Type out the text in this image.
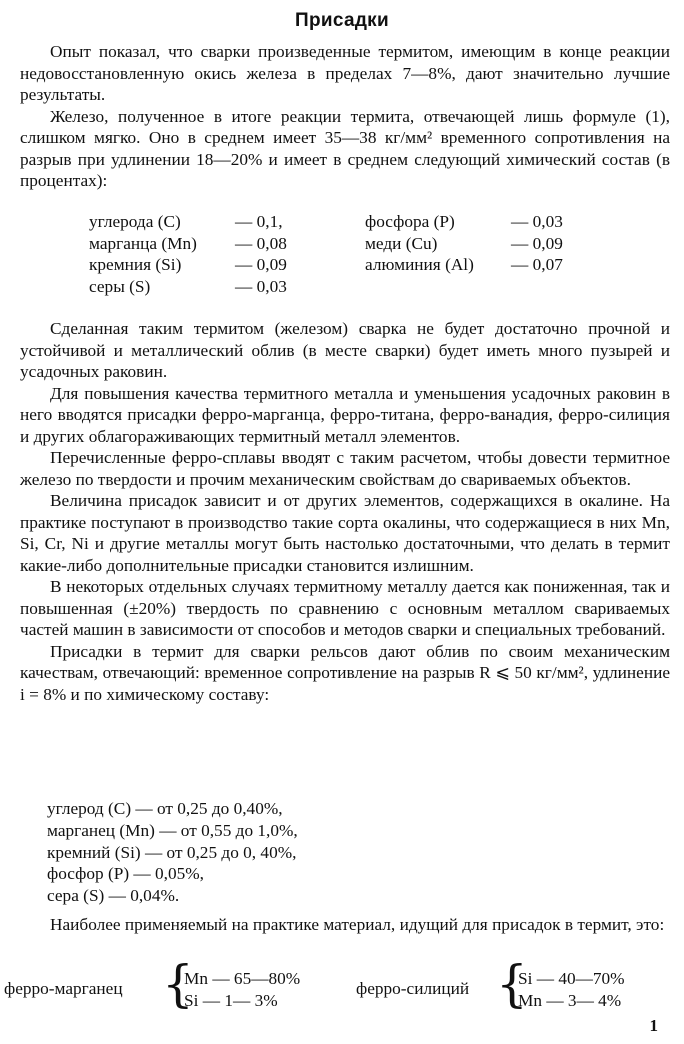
Присадки

Опыт показал, что сварки произведенные термитом, имеющим в конце реакции недовосстановленную окись железа в пределах 7—8%, дают значительно лучшие результаты.

Железо, полученное в итоге реакции термита, отвечающей лишь формуле (1), слишком мягко. Оно в среднем имеет 35—38 кг/мм² временного сопротивления на разрыв при удлинении 18—20% и имеет в среднем следующий химический состав (в процентах):

углерода (С)	— 0,1,	фосфора (Р)	— 0,03
марганца (Mn)	— 0,08	меди (Cu)	— 0,09
кремния (Si)	— 0,09	алюминия (Al)	— 0,07
серы (S)	— 0,03

Сделанная таким термитом (железом) сварка не будет достаточно прочной и устойчивой и металлический облив (в месте сварки) будет иметь много пузырей и усадочных раковин.

Для повышения качества термитного металла и уменьшения усадочных раковин в него вводятся присадки ферро-марганца, ферро-титана, ферро-ванадия, ферро-силиция и других облагораживающих термитный металл элементов.

Перечисленные ферро-сплавы вводят с таким расчетом, чтобы довести термитное железо по твердости и прочим механическим свойствам до свариваемых объектов.

Величина присадок зависит и от других элементов, содержащихся в окалине. На практике поступают в производство такие сорта окалины, что содержащиеся в них Mn, Si, Cr, Ni и другие металлы могут быть настолько достаточными, что делать в термит какие-либо дополнительные присадки становится излишним.

В некоторых отдельных случаях термитному металлу дается как пониженная, так и повышенная (±20%) твердость по сравнению с основным металлом свариваемых частей машин в зависимости от способов и методов сварки и специальных требований.

Присадки в термит для сварки рельсов дают облив по своим механическим качествам, отвечающий: временное сопротивление на разрыв R ⩽ 50 кг/мм², удлинение i = 8% и по химическому составу:

углерод (С) — от 0,25 до 0,40%,
марганец (Mn) — от 0,55 до 1,0%,
кремний (Si) — от 0,25 до 0, 40%,
фосфор (P) — 0,05%,
сера (S) — 0,04%.

Наиболее применяемый на практике материал, идущий для присадок в термит, это:

ферро-марганец {
Mn — 65—80%
Si — 1— 3%
ферро-силиций {
Si — 40—70%
Mn — 3— 4%
1
